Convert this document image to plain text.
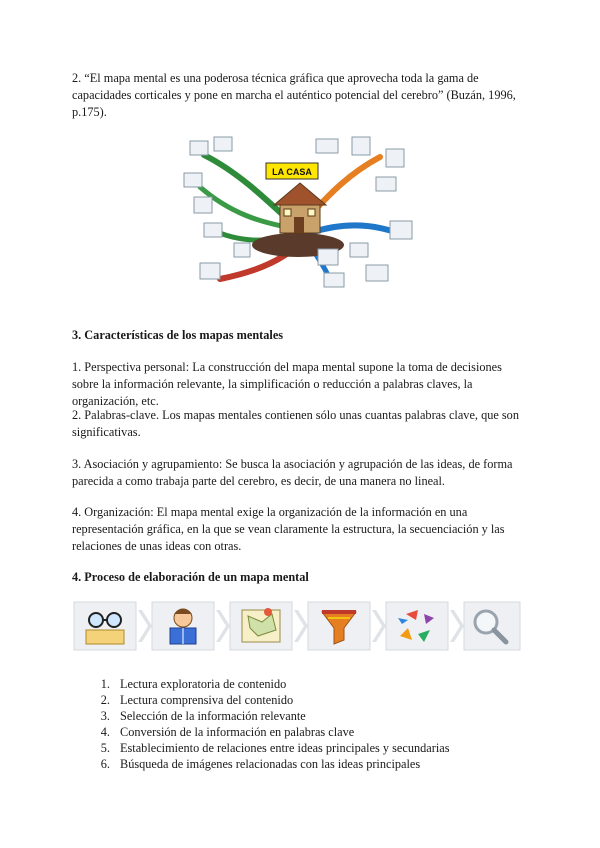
2. “El mapa mental es una poderosa técnica gráfica que aprovecha toda la gama de capacidades corticales y pone en marcha el auténtico potencial del cerebro” (Buzán, 1996, p.175).

LA CASA

3. Características de los mapas mentales

1. Perspectiva personal: La construcción del mapa mental supone la toma de decisiones sobre la información relevante, la simplificación o reducción a palabras claves, la organización, etc.

2. Palabras-clave. Los mapas mentales contienen sólo unas cuantas palabras clave, que son significativas.

3. Asociación y agrupamiento: Se busca la asociación y agrupación de las ideas, de forma parecida a como trabaja parte del cerebro, es decir, de una manera no lineal.

4. Organización: El mapa mental exige la organización de la información en una representación gráfica, en la que se vean claramente la estructura, la secuenciación y las relaciones de unas ideas con otras.

4. Proceso de elaboración de un mapa mental

1. Lectura exploratoria de contenido
2. Lectura comprensiva del contenido
3. Selección de la información relevante
4. Conversión de la información en palabras clave
5. Establecimiento de relaciones entre ideas principales y secundarias
6. Búsqueda de imágenes relacionadas con las ideas principales
